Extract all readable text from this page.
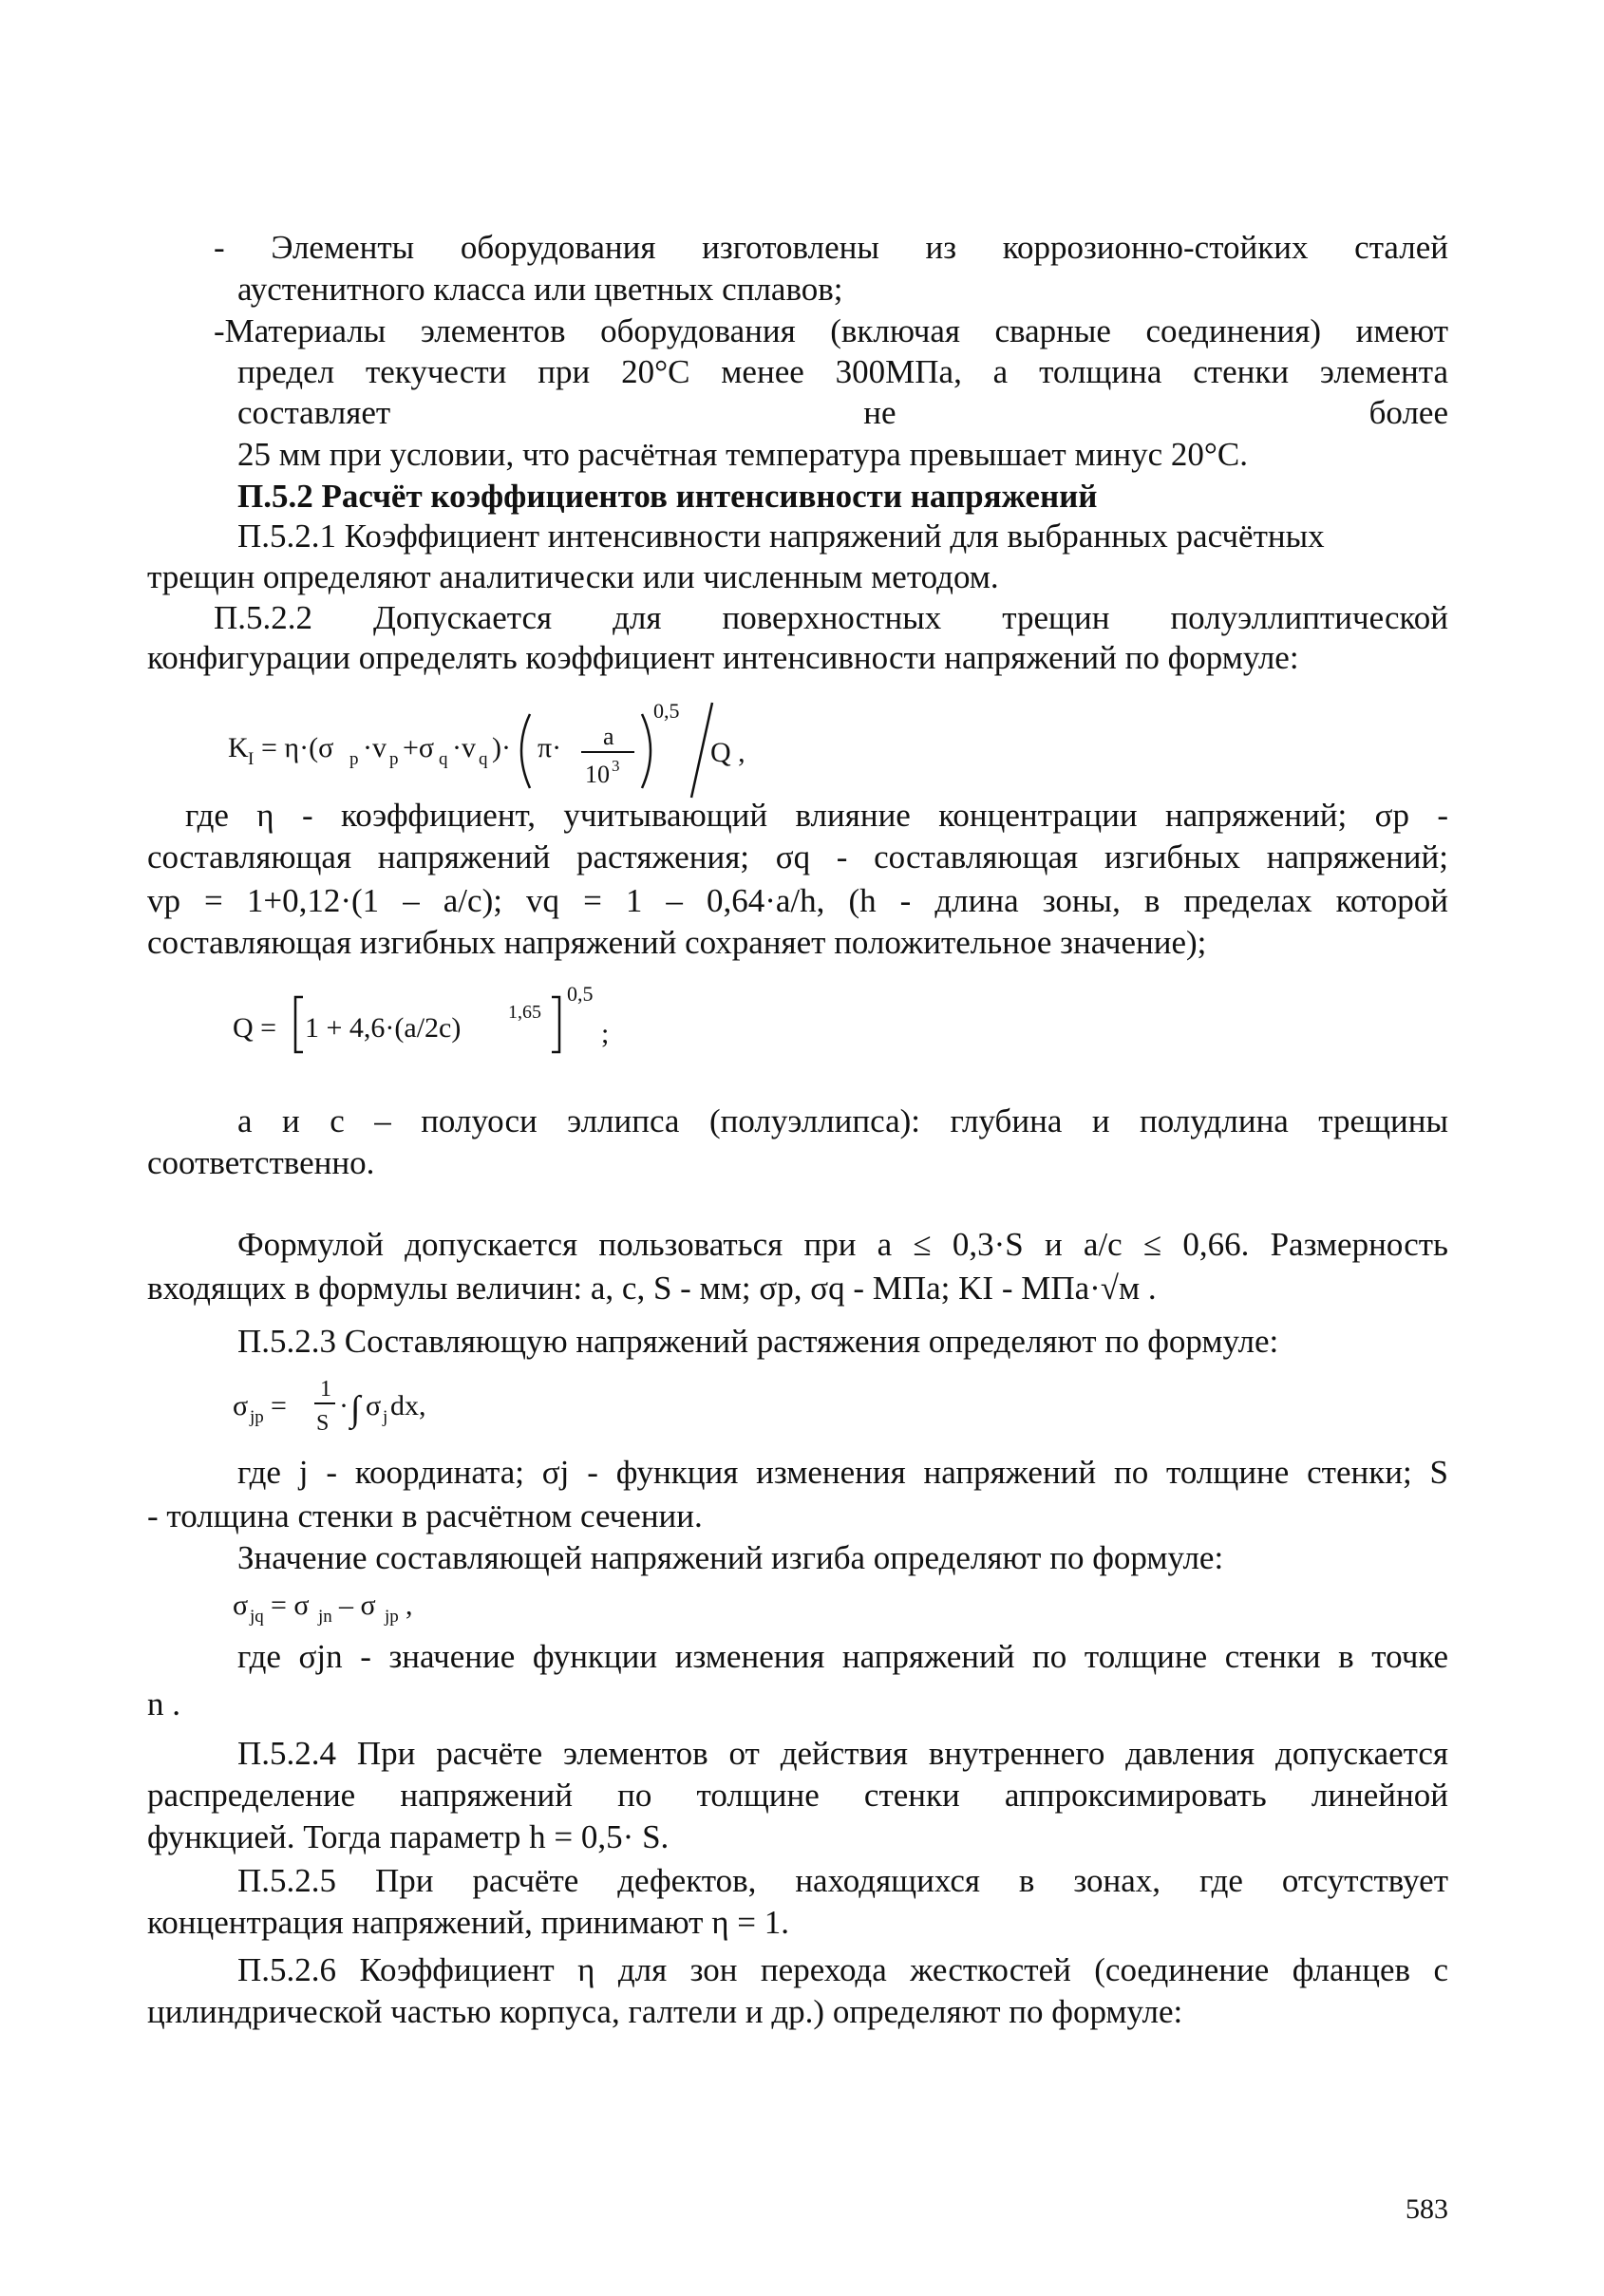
- Элементы оборудования изготовлены из коррозионно-стойких сталей
аустенитного класса или цветных сплавов;
-Материалы элементов оборудования (включая сварные соединения) имеют
предел текучести при 20°С менее 300МПа, а толщина стенки элемента
составляет не более
25 мм при условии, что расчётная температура превышает минус 20°С.
П.5.2 Расчёт коэффициентов интенсивности напряжений
П.5.2.1 Коэффициент интенсивности напряжений для выбранных расчётных
трещин определяют аналитически или численным методом.
П.5.2.2 Допускается для поверхностных трещин полуэллиптической
конфигурации определять коэффициент интенсивности напряжений по формуле:
K I = η·(σ p ·v p +σ q ·v q )· π· a
10 3
0,5
Q ,
где η - коэффициент, учитывающий влияние концентрации напряжений; σp -
составляющая напряжений растяжения; σq - составляющая изгибных напряжений;
vp = 1+0,12·(1 – a/c); vq = 1 – 0,64·a/h, (h - длина зоны, в пределах которой
составляющая изгибных напряжений сохраняет положительное значение);
Q = 1 + 4,6·(a/2c) 1,65
0,5
;
а и с – полуоси эллипса (полуэллипса): глубина и полудлина трещины
соответственно.
Формулой допускается пользоваться при a ≤ 0,3·S и a/c ≤ 0,66. Размерность
входящих в формулы величин: а, с, S - мм; σp, σq - МПа; KI - МПа·√м .
П.5.2.3 Составляющую напряжений растяжения определяют по формуле:
σ jp =
1
S
· ∫ σ j dx,
где j - координата; σj - функция изменения напряжений по толщине стенки; S
- толщина стенки в расчётном сечении.
Значение составляющей напряжений изгиба определяют по формуле:
σ jq = σ jn – σ jp ,
где σjn - значение функции изменения напряжений по толщине стенки в точке
n .
П.5.2.4 При расчёте элементов от действия внутреннего давления допускается
распределение напряжений по толщине стенки аппроксимировать линейной
функцией. Тогда параметр h = 0,5· S.
П.5.2.5 При расчёте дефектов, находящихся в зонах, где отсутствует
концентрация напряжений, принимают η = 1.
П.5.2.6 Коэффициент η для зон перехода жесткостей (соединение фланцев с
цилиндрической частью корпуса, галтели и др.) определяют по формуле:
583
